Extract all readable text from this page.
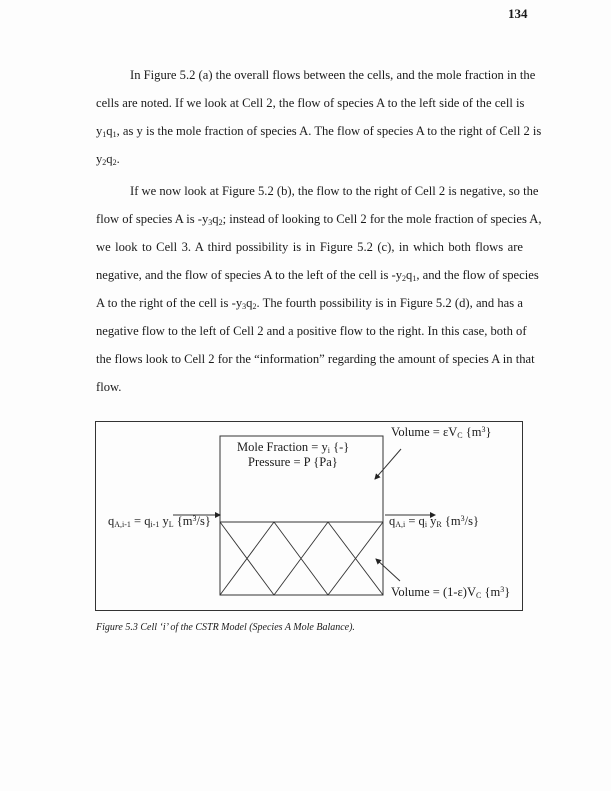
134
In Figure 5.2 (a) the overall flows between the cells, and the mole fraction in the
cells are noted. If we look at Cell 2, the flow of species A to the left side of the cell is
$y_1q_1$, as y is the mole fraction of species A. The flow of species A to the right of Cell 2 is
$y_2q_2$.
If we now look at Figure 5.2 (b), the flow to the right of Cell 2 is negative, so the
flow of species A is $-y_3q_2$; instead of looking to Cell 2 for the mole fraction of species A,
we look to Cell 3. A third possibility is in Figure 5.2 (c), in which both flows are
negative, and the flow of species A to the left of the cell is $-y_2q_1$, and the flow of species
A to the right of the cell is $-y_3q_2$. The fourth possibility is in Figure 5.2 (d), and has a
negative flow to the left of Cell 2 and a positive flow to the right. In this case, both of
the flows look to Cell 2 for the “information” regarding the amount of species A in that
flow.
Mole Fraction = $y_i$ {-}
Pressure = P {Pa}
Volume = $\varepsilon V_C$ $\{m^3\}$
Volume = $(1-\varepsilon)V_C$ $\{m^3\}$
$q_{A,i-1} = q_{i-1}$ $y_L$ $\{m^3/s\}$	$q_{A,i} = q_i$ $y_R$ $\{m^3/s\}$
Figure 5.3 Cell ‘i’ of the CSTR Model (Species A Mole Balance).
